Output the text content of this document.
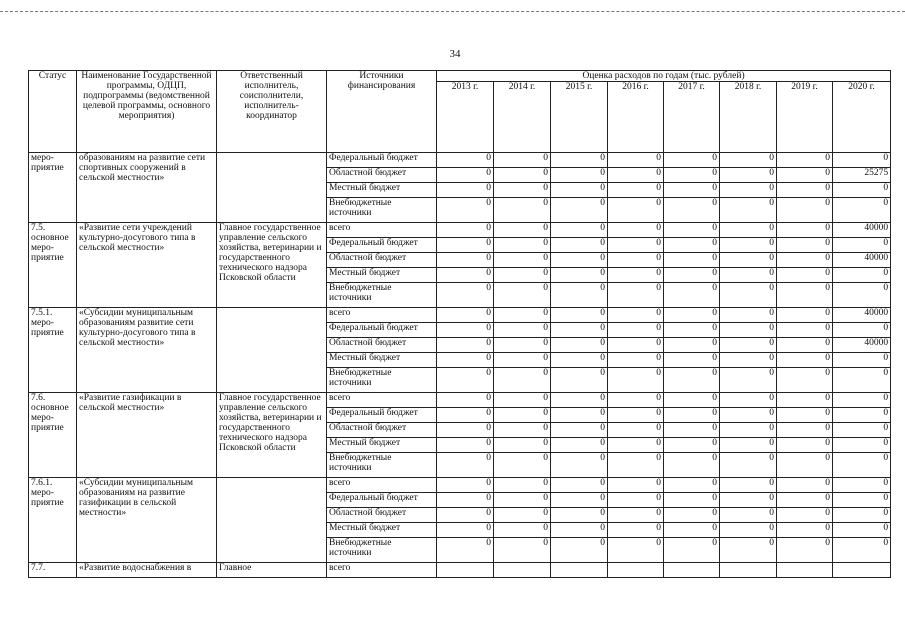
34
Статус	Наименование Государственной программы, ОДЦП, подпрограммы (ведомственной целевой программы, основного мероприятия)	Ответственный исполнитель, соисполнители, исполнитель- координатор	Источники финансирования	Оценка расходов по годам (тыс. рублей)							
				2013 г.	2014 г.	2015 г.	2016 г.	2017 г.	2018 г.	2019 г.	2020 г.
меро- приятие	образованиям на развитие сети спортивных сооружений в сельской местности»		Федеральный бюджет	0	0	0	0	0	0	0	0
			Областной бюджет	0	0	0	0	0	0	0	25275
			Местный бюджет	0	0	0	0	0	0	0	0
			Внебюджетные источники	0	0	0	0	0	0	0	0
7.5. основное меро- приятие	«Развитие сети учреждений культурно-досугового типа в сельской местности»	Главное государственное управление сельского хозяйства, ветеринарии и государственного технического надзора Псковской области	всего	0	0	0	0	0	0	0	40000
			Федеральный бюджет	0	0	0	0	0	0	0	0
			Областной бюджет	0	0	0	0	0	0	0	40000
			Местный бюджет	0	0	0	0	0	0	0	0
			Внебюджетные источники	0	0	0	0	0	0	0	0
7.5.1. меро- приятие	«Субсидии муниципальным образованиям развитие сети культурно-досугового типа в сельской местности»		всего	0	0	0	0	0	0	0	40000
			Федеральный бюджет	0	0	0	0	0	0	0	0
			Областной бюджет	0	0	0	0	0	0	0	40000
			Местный бюджет	0	0	0	0	0	0	0	0
			Внебюджетные источники	0	0	0	0	0	0	0	0
7.6. основное меро- приятие	«Развитие газификации в сельской местности»	Главное государственное управление сельского хозяйства, ветеринарии и государственного технического надзора Псковской области	всего	0	0	0	0	0	0	0	0
			Федеральный бюджет	0	0	0	0	0	0	0	0
			Областной бюджет	0	0	0	0	0	0	0	0
			Местный бюджет	0	0	0	0	0	0	0	0
			Внебюджетные источники	0	0	0	0	0	0	0	0
7.6.1. меро- приятие	«Субсидии муниципальным образованиям на развитие газификации в сельской местности»		всего	0	0	0	0	0	0	0	0
			Федеральный бюджет	0	0	0	0	0	0	0	0
			Областной бюджет	0	0	0	0	0	0	0	0
			Местный бюджет	0	0	0	0	0	0	0	0
			Внебюджетные источники	0	0	0	0	0	0	0	0
7.7.	«Развитие водоснабжения в	Главное	всего								
